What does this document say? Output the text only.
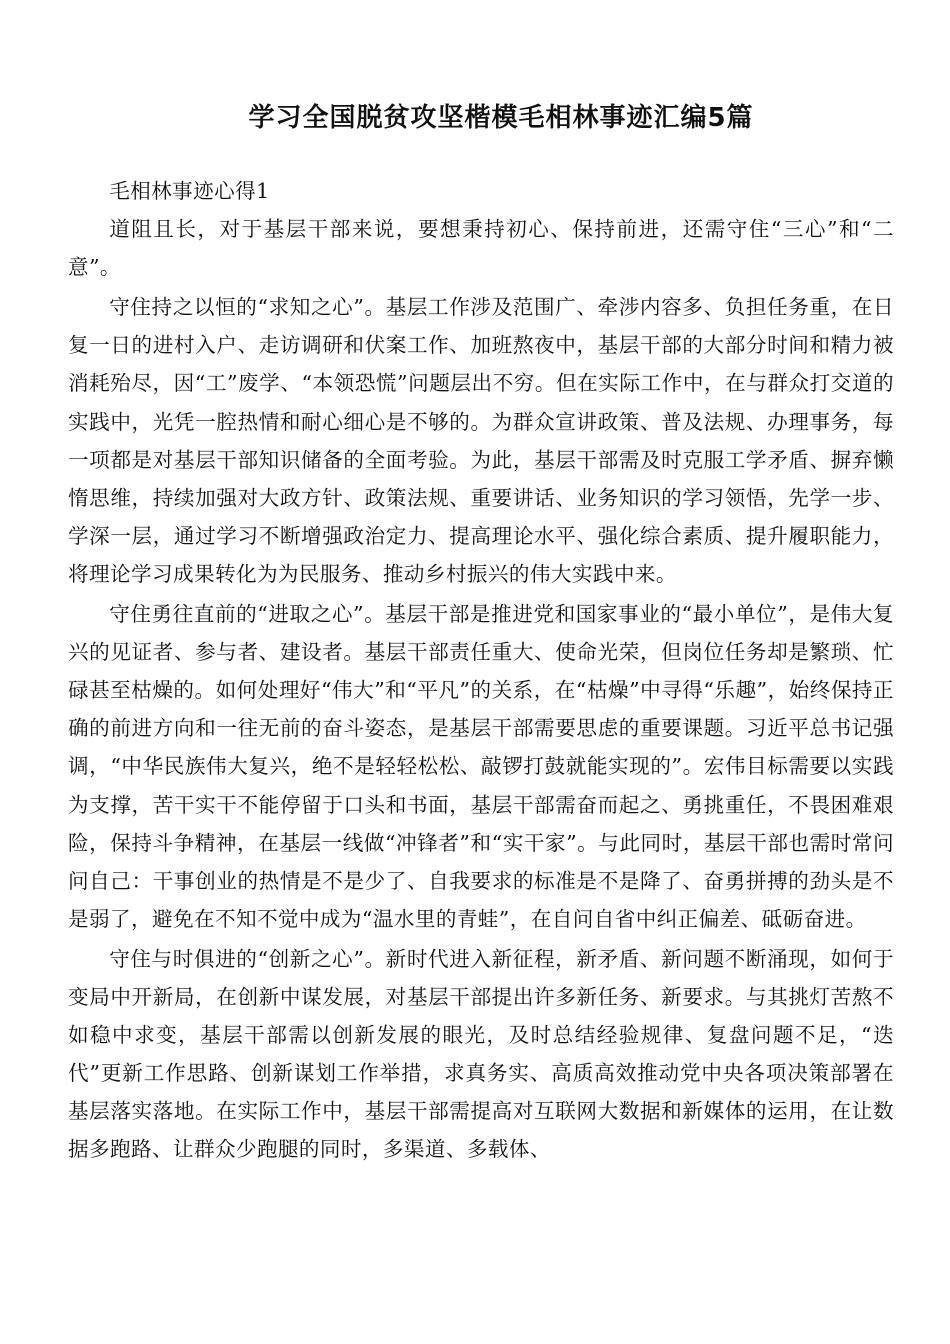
学习全国脱贫攻坚楷模毛相林事迹汇编5篇

毛相林事迹心得1

道阻且长，对于基层干部来说，要想秉持初心、保持前进，还需守住“三心”和“二意”。

守住持之以恒的“求知之心”。基层工作涉及范围广、牵涉内容多、负担任务重，在日复一日的进村入户、走访调研和伏案工作、加班熬夜中，基层干部的大部分时间和精力被消耗殆尽，因“工”废学、“本领恐慌”问题层出不穷。但在实际工作中，在与群众打交道的实践中，光凭一腔热情和耐心细心是不够的。为群众宣讲政策、普及法规、办理事务，每一项都是对基层干部知识储备的全面考验。为此，基层干部需及时克服工学矛盾、摒弃懒惰思维，持续加强对大政方针、政策法规、重要讲话、业务知识的学习领悟，先学一步、学深一层，通过学习不断增强政治定力、提高理论水平、强化综合素质、提升履职能力，将理论学习成果转化为为民服务、推动乡村振兴的伟大实践中来。

守住勇往直前的“进取之心”。基层干部是推进党和国家事业的“最小单位”，是伟大复兴的见证者、参与者、建设者。基层干部责任重大、使命光荣，但岗位任务却是繁琐、忙碌甚至枯燥的。如何处理好“伟大”和“平凡”的关系，在“枯燥”中寻得“乐趣”，始终保持正确的前进方向和一往无前的奋斗姿态，是基层干部需要思虑的重要课题。习近平总书记强调，“中华民族伟大复兴，绝不是轻轻松松、敲锣打鼓就能实现的”。宏伟目标需要以实践为支撑，苦干实干不能停留于口头和书面，基层干部需奋而起之、勇挑重任，不畏困难艰险，保持斗争精神，在基层一线做“冲锋者”和“实干家”。与此同时，基层干部也需时常问问自己：干事创业的热情是不是少了、自我要求的标准是不是降了、奋勇拼搏的劲头是不是弱了，避免在不知不觉中成为“温水里的青蛙”，在自问自省中纠正偏差、砥砺奋进。

守住与时俱进的“创新之心”。新时代进入新征程，新矛盾、新问题不断涌现，如何于变局中开新局，在创新中谋发展，对基层干部提出许多新任务、新要求。与其挑灯苦熬不如稳中求变，基层干部需以创新发展的眼光，及时总结经验规律、复盘问题不足，“迭代”更新工作思路、创新谋划工作举措，求真务实、高质高效推动党中央各项决策部署在基层落实落地。在实际工作中，基层干部需提高对互联网大数据和新媒体的运用，在让数据多跑路、让群众少跑腿的同时，多渠道、多载体、
